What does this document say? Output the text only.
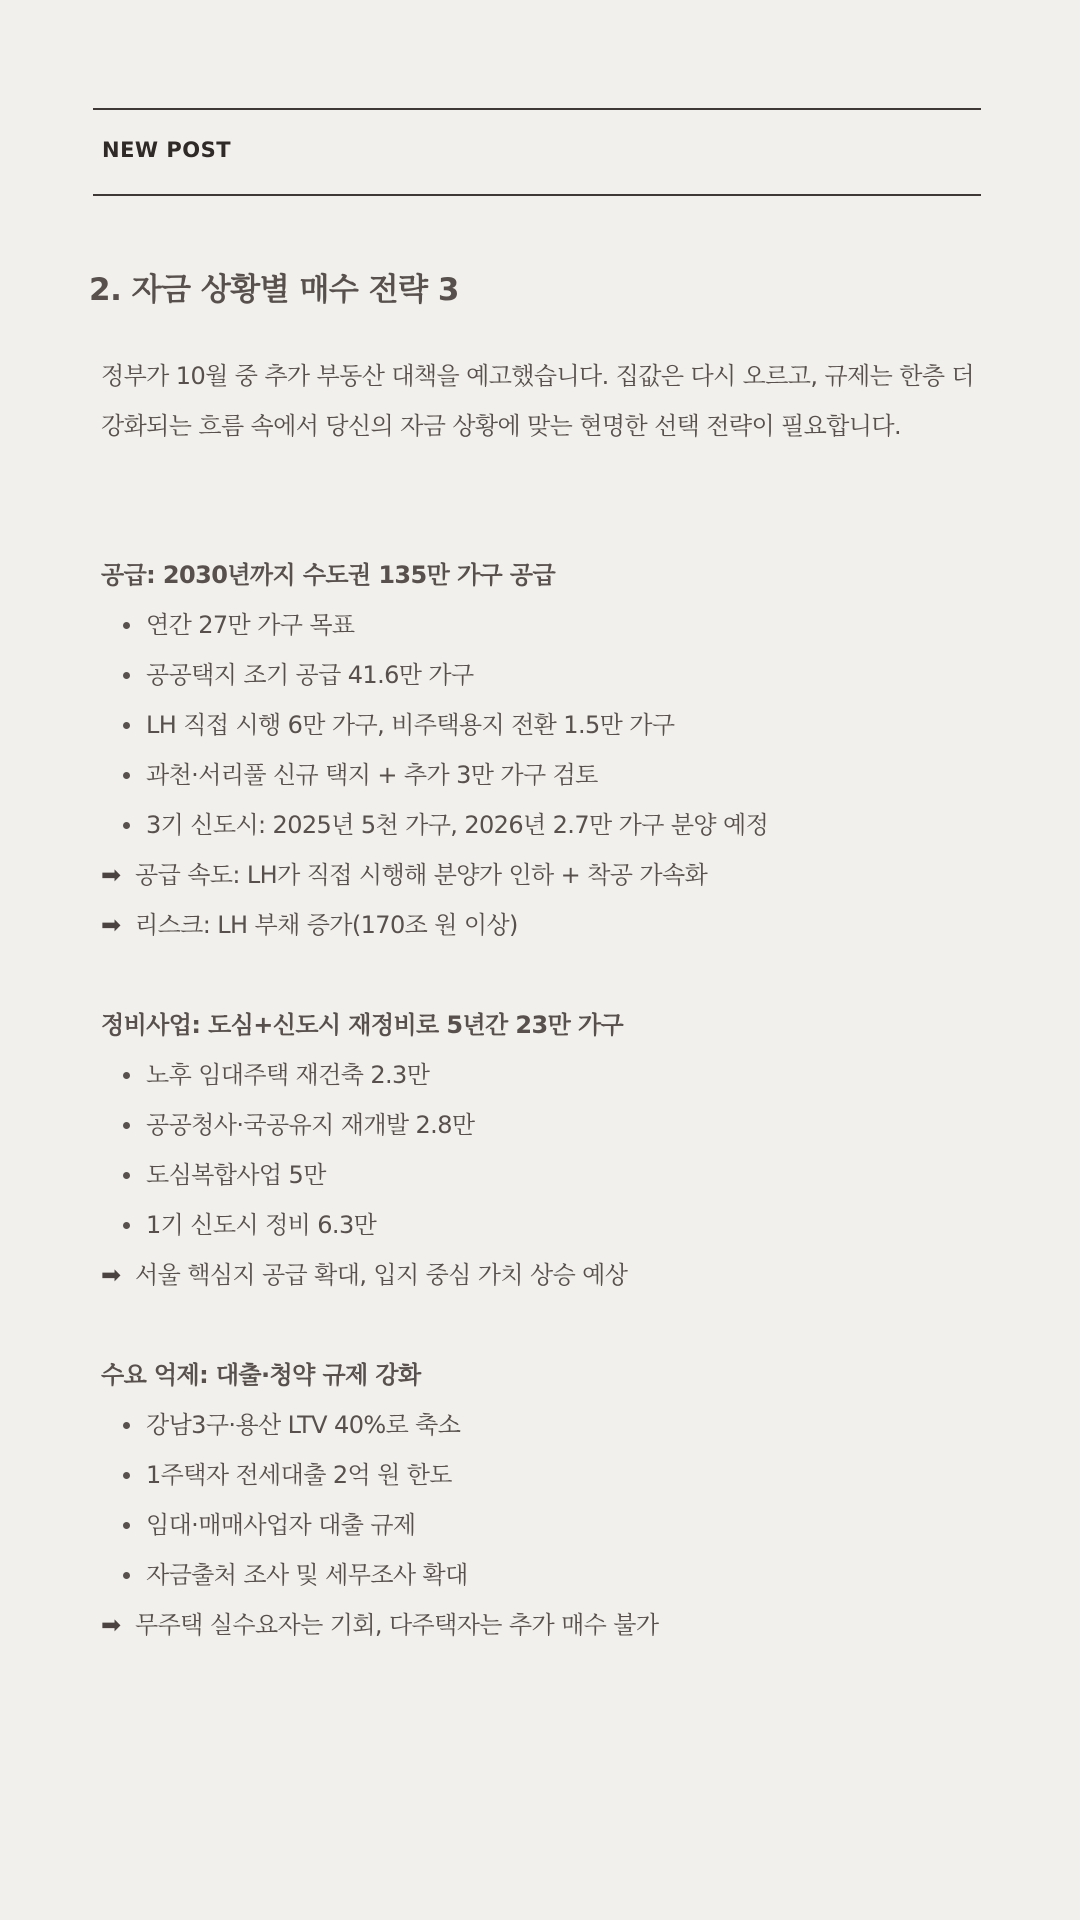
NEW POST
2. 자금 상황별 매수 전략 3

정부가 10월 중 추가 부동산 대책을 예고했습니다. 집값은 다시 오르고, 규제는 한층 더 강화되는 흐름 속에서 당신의 자금 상황에 맞는 현명한 선택 전략이 필요합니다.

공급: 2030년까지 수도권 135만 가구 공급
연간 27만 가구 목표
공공택지 조기 공급 41.6만 가구
LH 직접 시행 6만 가구, 비주택용지 전환 1.5만 가구
과천·서리풀 신규 택지 + 추가 3만 가구 검토
3기 신도시: 2025년 5천 가구, 2026년 2.7만 가구 분양 예정
➡ 공급 속도: LH가 직접 시행해 분양가 인하 + 착공 가속화
➡ 리스크: LH 부채 증가(170조 원 이상)
정비사업: 도심+신도시 재정비로 5년간 23만 가구
노후 임대주택 재건축 2.3만
공공청사·국공유지 재개발 2.8만
도심복합사업 5만
1기 신도시 정비 6.3만
➡ 서울 핵심지 공급 확대, 입지 중심 가치 상승 예상
수요 억제: 대출·청약 규제 강화
강남3구·용산 LTV 40%로 축소
1주택자 전세대출 2억 원 한도
임대·매매사업자 대출 규제
자금출처 조사 및 세무조사 확대
➡ 무주택 실수요자는 기회, 다주택자는 추가 매수 불가
